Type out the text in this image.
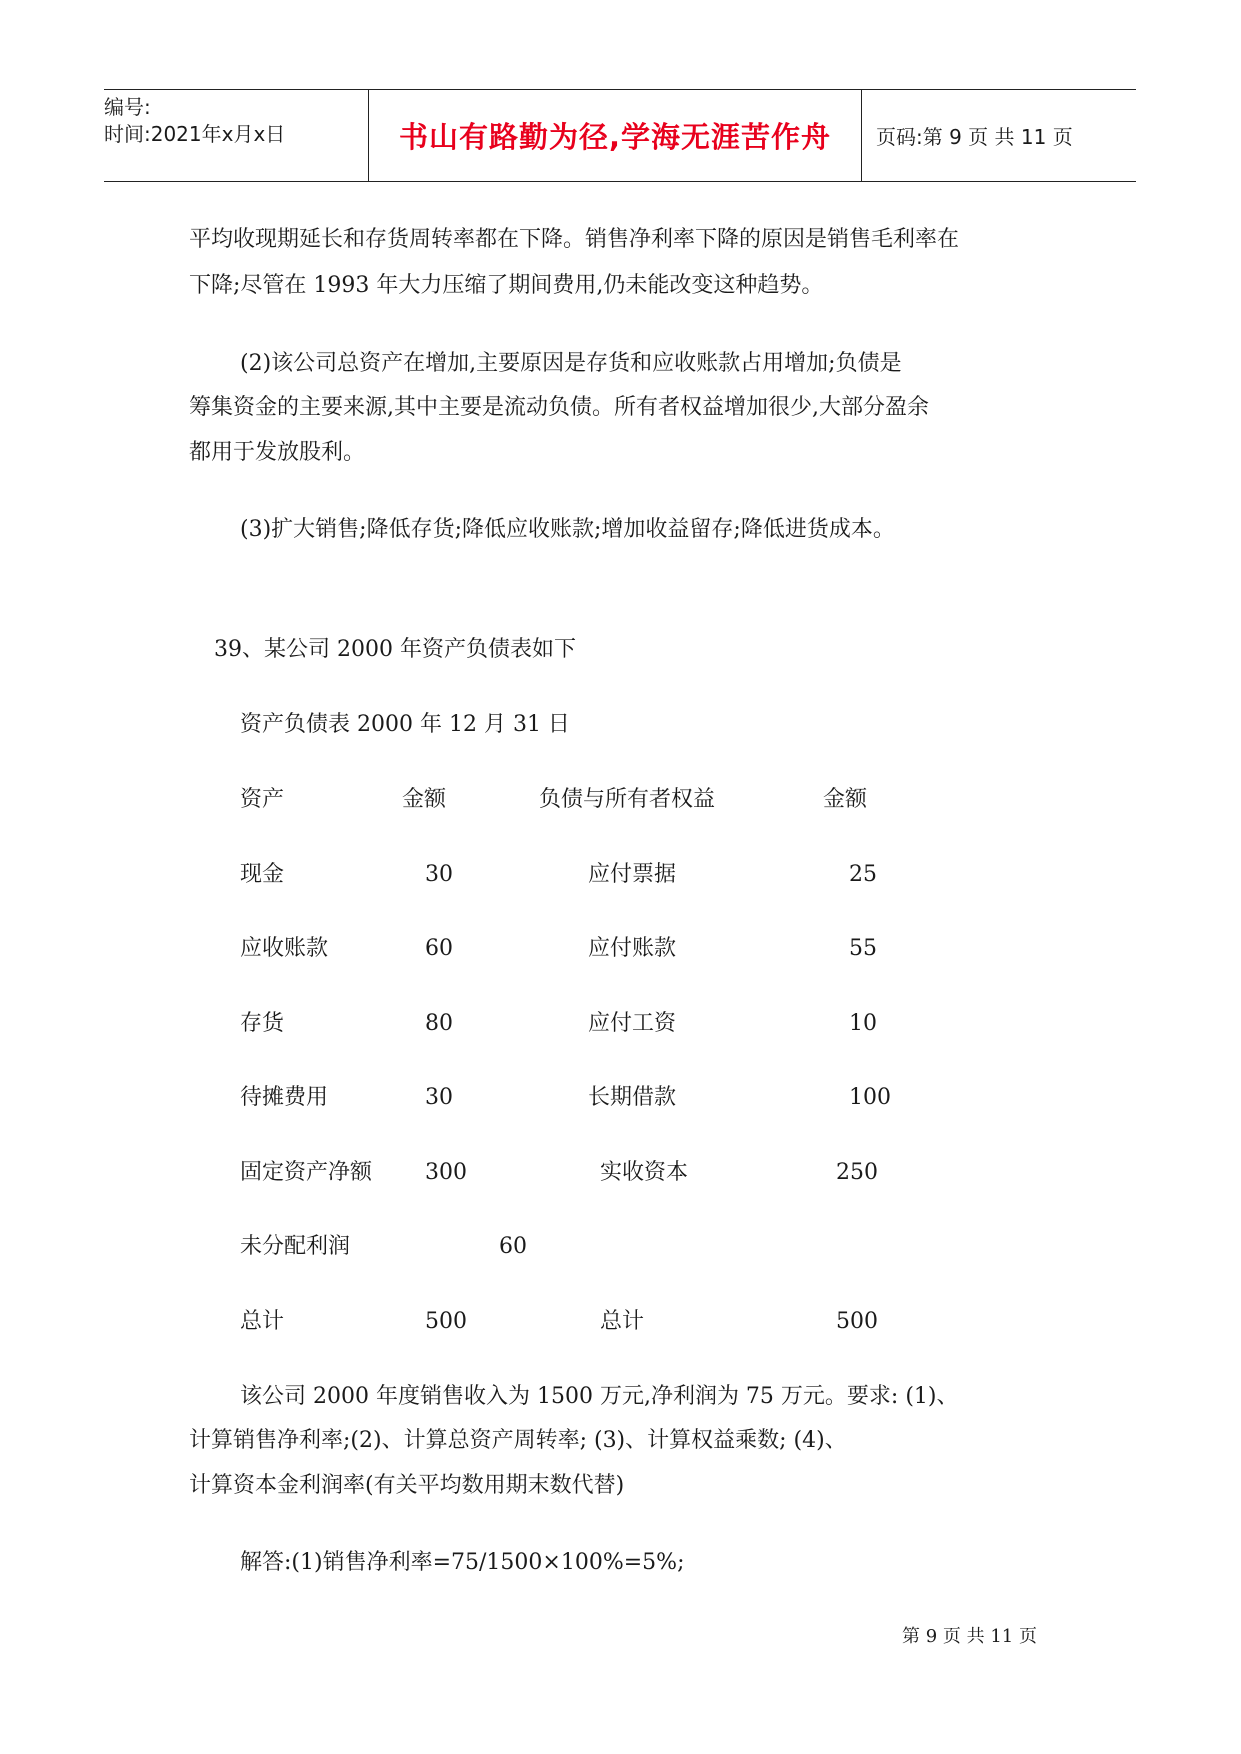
编号:
时间:2021年x月x日	书山有路勤为径,学海无涯苦作舟	页码:第 9 页 共 11 页
平均收现期延长和存货周转率都在下降。销售净利率下降的原因是销售毛利率在
下降;尽管在 1993 年大力压缩了期间费用,仍未能改变这种趋势。
(2)该公司总资产在增加,主要原因是存货和应收账款占用增加;负债是
筹集资金的主要来源,其中主要是流动负债。所有者权益增加很少,大部分盈余
都用于发放股利。
(3)扩大销售;降低存货;降低应收账款;增加收益留存;降低进货成本。
39、某公司 2000 年资产负债表如下
资产负债表 2000 年 12 月 31 日
资产	金额	负债与所有者权益	金额
现金	30	应付票据	25
应收账款	60	应付账款	55
存货	80	应付工资	10
待摊费用	30	长期借款	100
固定资产净额 300	实收资本	250
未分配利润	60
总计	500	总计	500
该公司 2000 年度销售收入为 1500 万元,净利润为 75 万元。要求: (1)、
计算销售净利率;(2)、计算总资产周转率; (3)、计算权益乘数; (4)、
计算资本金利润率(有关平均数用期末数代替)
解答:(1)销售净利率=75/1500×100%=5%;
第 9 页 共 11 页
